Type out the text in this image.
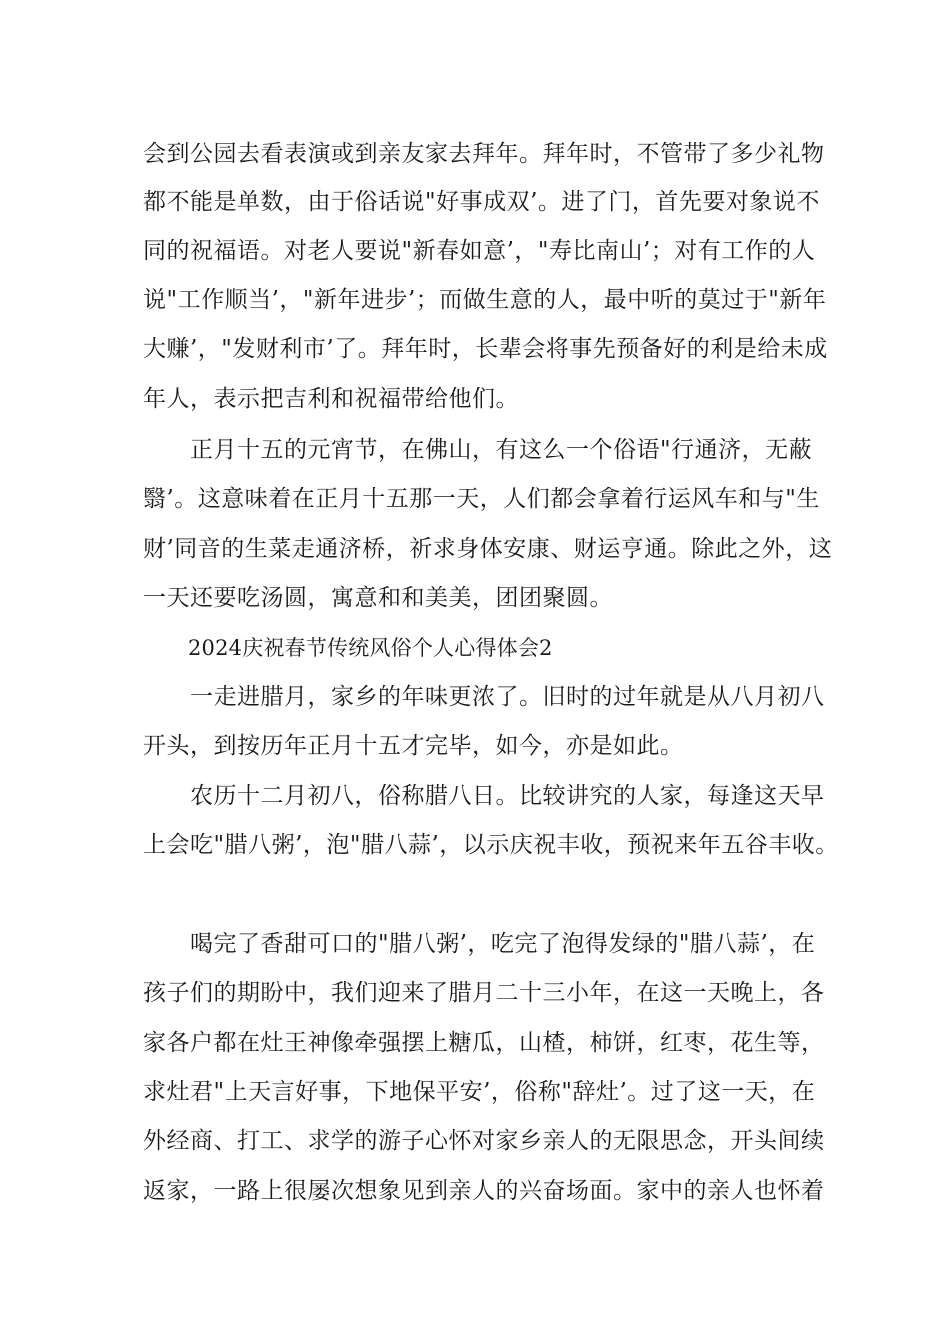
会到公园去看表演或到亲友家去拜年。拜年时，不管带了多少礼物
都不能是单数，由于俗话说"好事成双’。进了门，首先要对象说不
同的祝福语。对老人要说"新春如意’，"寿比南山’；对有工作的人
说"工作顺当’，"新年进步’；而做生意的人，最中听的莫过于"新年
大赚’，"发财利市’了。拜年时，长辈会将事先预备好的利是给未成
年人，表示把吉利和祝福带给他们。
正月十五的元宵节，在佛山，有这么一个俗语"行通济，无蔽
翳’。这意味着在正月十五那一天，人们都会拿着行运风车和与"生
财’同音的生菜走通济桥，祈求身体安康、财运亨通。除此之外，这
一天还要吃汤圆，寓意和和美美，团团聚圆。
2024庆祝春节传统风俗个人心得体会2
一走进腊月，家乡的年味更浓了。旧时的过年就是从八月初八
开头，到按历年正月十五才完毕，如今，亦是如此。
农历十二月初八，俗称腊八日。比较讲究的人家，每逢这天早
上会吃"腊八粥’，泡"腊八蒜’，以示庆祝丰收，预祝来年五谷丰收。
喝完了香甜可口的"腊八粥’，吃完了泡得发绿的"腊八蒜’，在
孩子们的期盼中，我们迎来了腊月二十三小年，在这一天晚上，各
家各户都在灶王神像牵强摆上糖瓜，山楂，柿饼，红枣，花生等，
求灶君"上天言好事，下地保平安’，俗称"辞灶’。过了这一天，在
外经商、打工、求学的游子心怀对家乡亲人的无限思念，开头间续
返家，一路上很屡次想象见到亲人的兴奋场面。家中的亲人也怀着
